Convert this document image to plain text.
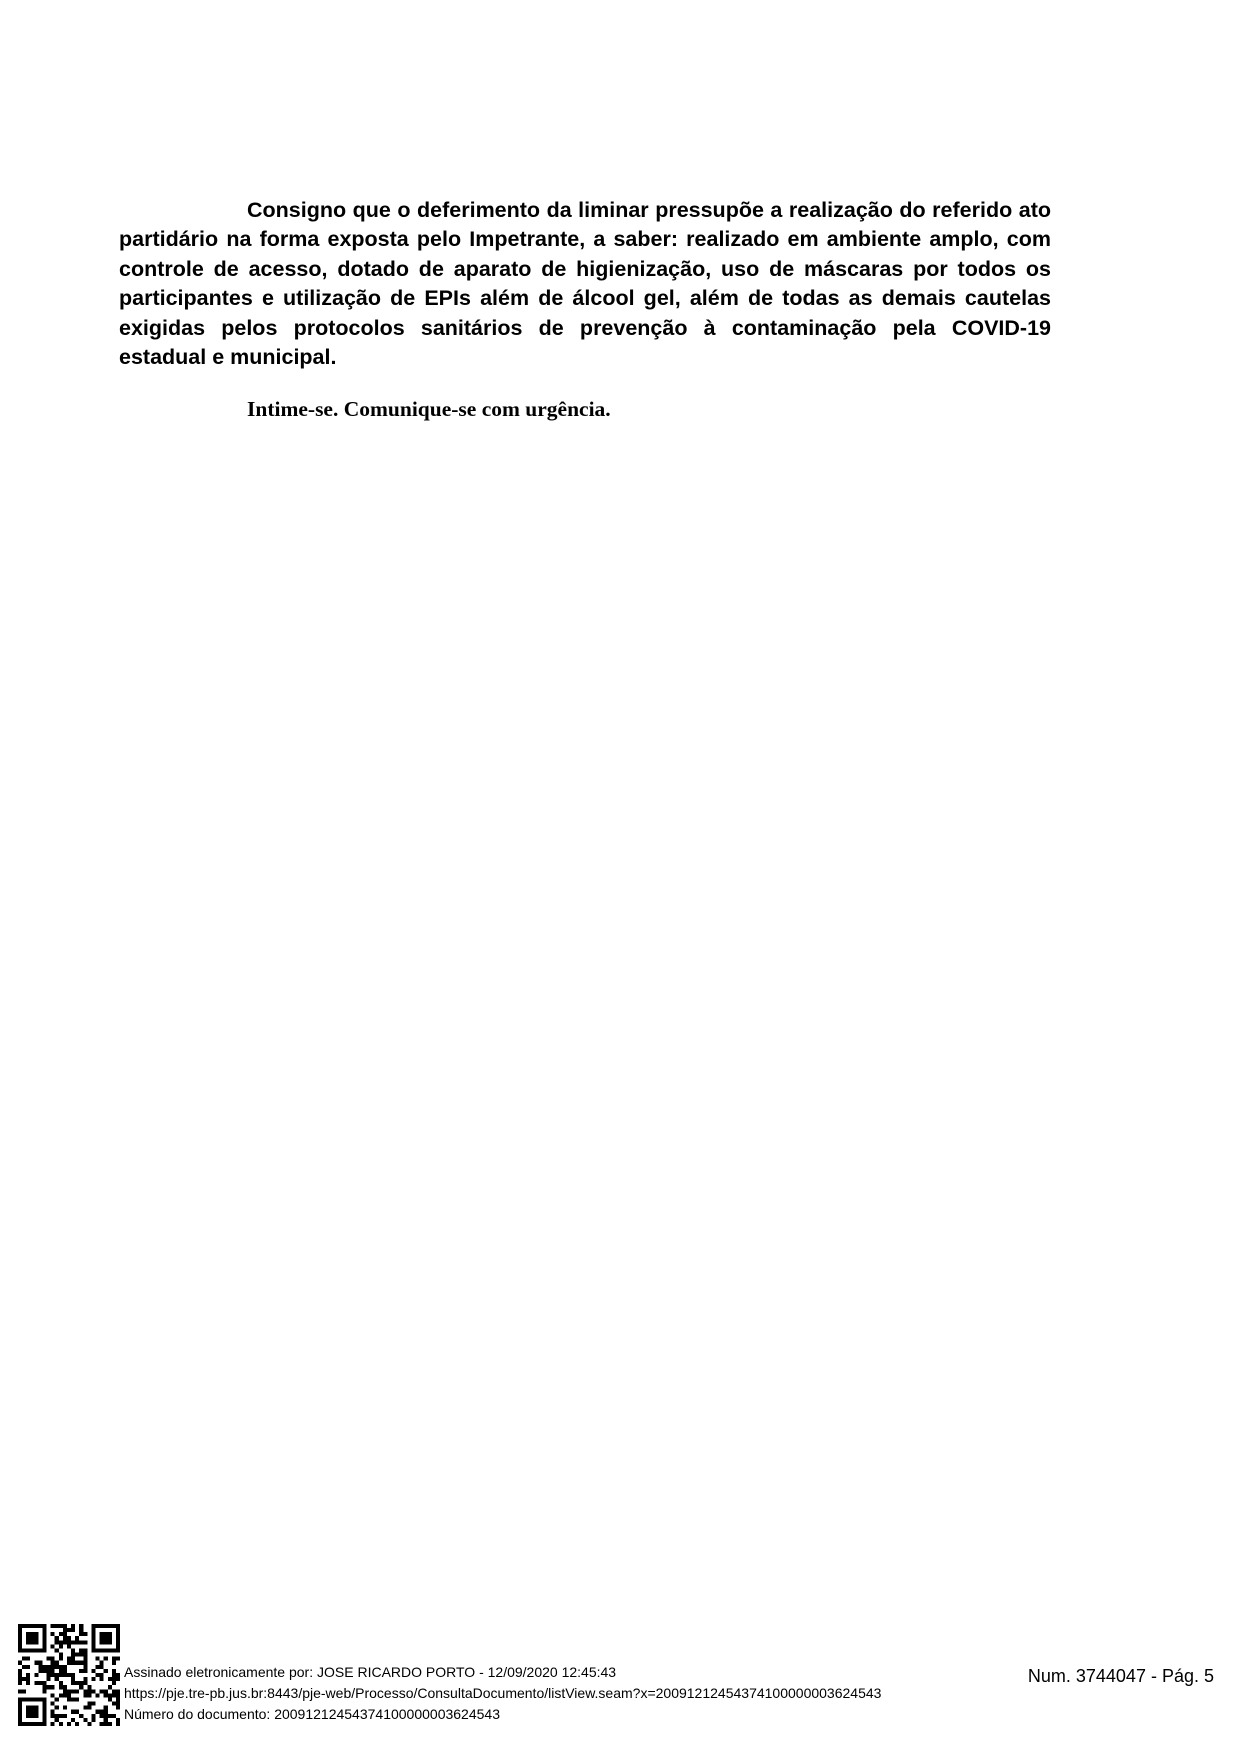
Consigno que o deferimento da liminar pressupõe a realização do referido ato partidário na forma exposta pelo Impetrante, a saber: realizado em ambiente amplo, com controle de acesso, dotado de aparato de higienização, uso de máscaras por todos os participantes e utilização de EPIs além de álcool gel, além de todas as demais cautelas exigidas pelos protocolos sanitários de prevenção à contaminação pela COVID-19 estadual e municipal.

Intime-se. Comunique-se com urgência.

Assinado eletronicamente por: JOSE RICARDO PORTO - 12/09/2020 12:45:43
https://pje.tre-pb.jus.br:8443/pje-web/Processo/ConsultaDocumento/listView.seam?x=20091212454374100000003624543
Número do documento: 20091212454374100000003624543
Num. 3744047 - Pág. 5
